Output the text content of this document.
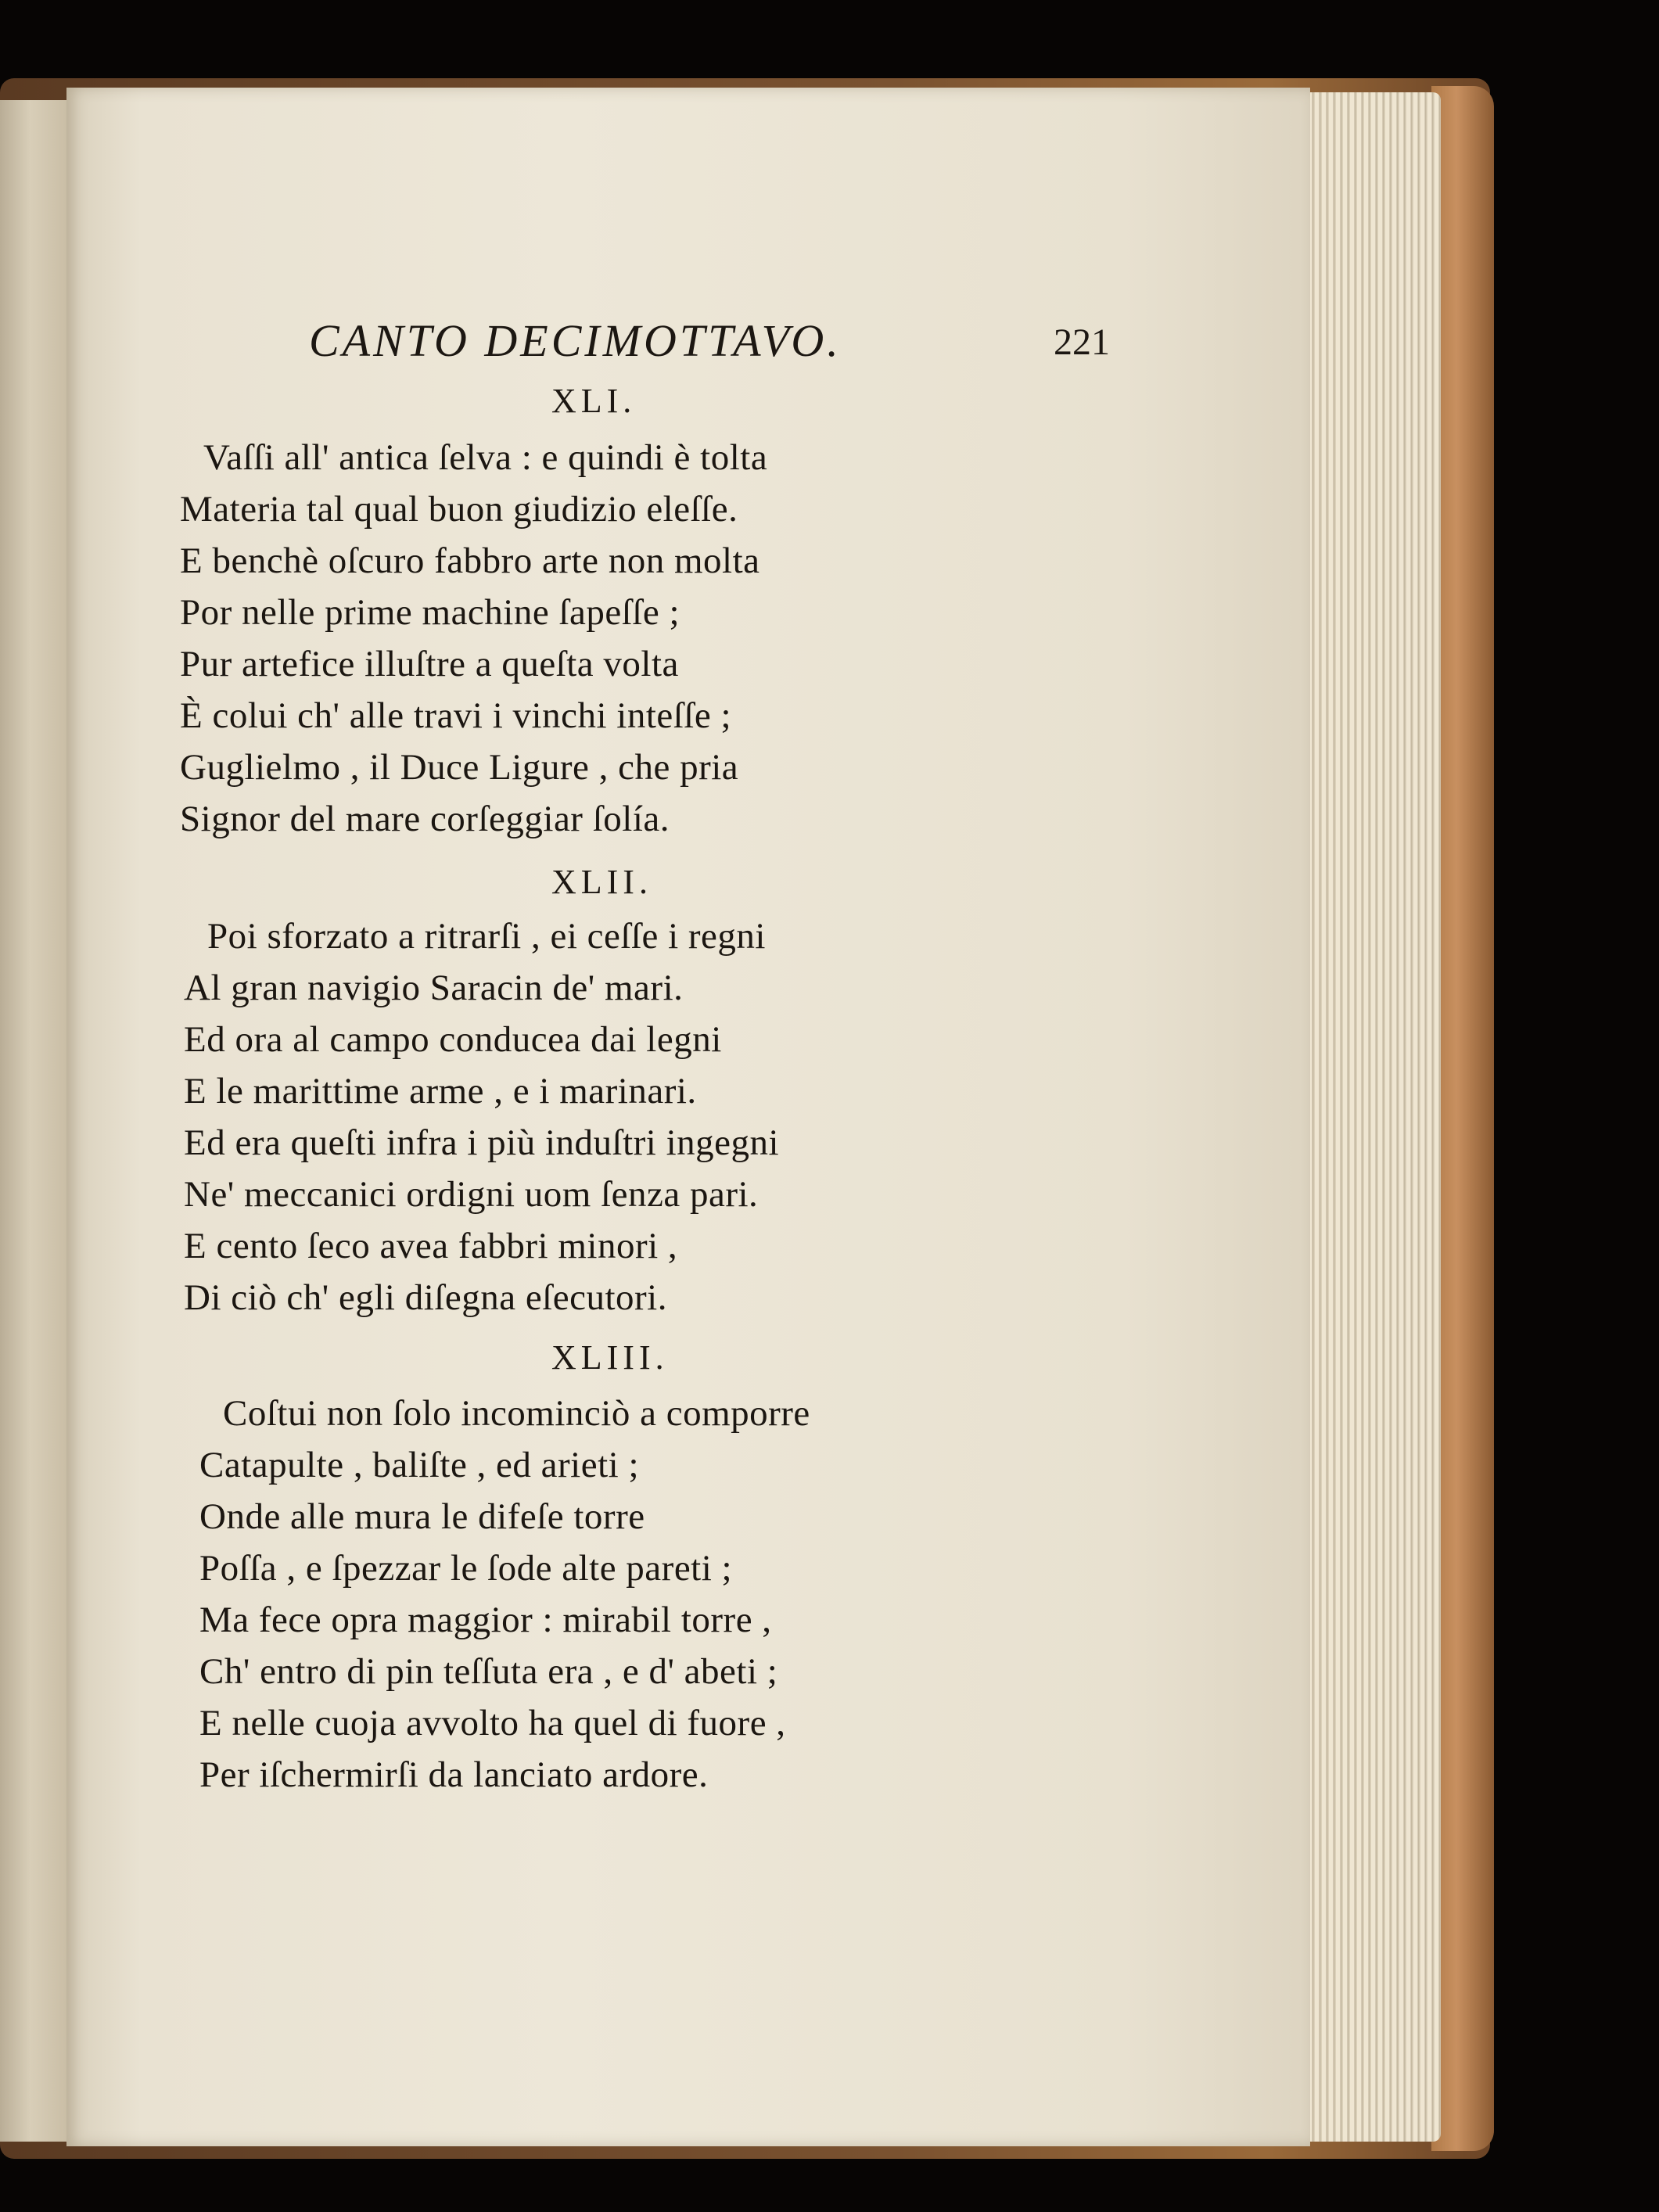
CANTO DECIMOTTAVO.	221
XLI.
Vaſſi all' antica ſelva : e quindi è tolta
Materia tal qual buon giudizio eleſſe.
E benchè oſcuro fabbro arte non molta
Por nelle prime machine ſapeſſe ;
Pur artefice illuſtre a queſta volta
È colui ch' alle travi i vinchi inteſſe ;
Guglielmo , il Duce Ligure , che pria
Signor del mare corſeggiar ſolía.
XLII.
Poi sforzato a ritrarſi , ei ceſſe i regni
Al gran navigio Saracin de' mari.
Ed ora al campo conducea dai legni
E le marittime arme , e i marinari.
Ed era queſti infra i più induſtri ingegni
Ne' meccanici ordigni uom ſenza pari.
E cento ſeco avea fabbri minori ,
Di ciò ch' egli diſegna eſecutori.
XLIII.
Coſtui non ſolo incominciò a comporre
Catapulte , baliſte , ed arieti ;
Onde alle mura le difeſe torre
Poſſa , e ſpezzar le ſode alte pareti ;
Ma fece opra maggior : mirabil torre ,
Ch' entro di pin teſſuta era , e d' abeti ;
E nelle cuoja avvolto ha quel di fuore ,
Per iſchermirſi da lanciato ardore.
